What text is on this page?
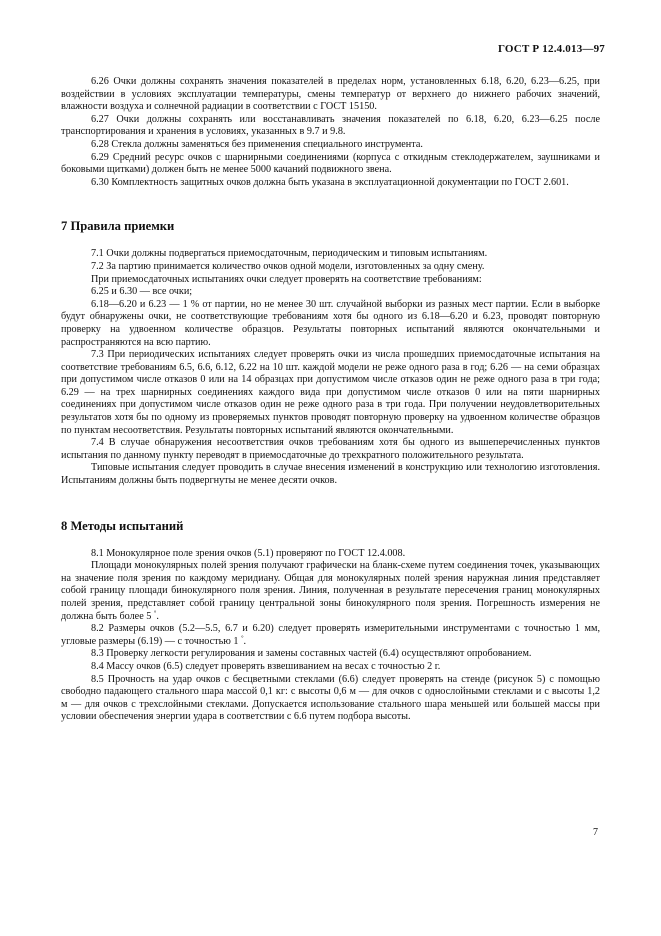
ГОСТ Р 12.4.013—97

6.26 Очки должны сохранять значения показателей в пределах норм, установленных 6.18, 6.20, 6.23—6.25, при воздействии в условиях эксплуатации температуры, смены температур от верхнего до нижнего рабочих значений, влажности воздуха и солнечной радиации в соответствии с ГОСТ 15150.

6.27 Очки должны сохранять или восстанавливать значения показателей по 6.18, 6.20, 6.23—6.25 после транспортирования и хранения в условиях, указанных в 9.7 и 9.8.

6.28 Стекла должны заменяться без применения специального инструмента.

6.29 Средний ресурс очков с шарнирными соединениями (корпуса с откидным стеклодержателем, заушниками и боковыми щитками) должен быть не менее 5000 качаний подвижного звена.

6.30 Комплектность защитных очков должна быть указана в эксплуатационной документации по ГОСТ 2.601.

7 Правила приемки

7.1 Очки должны подвергаться приемосдаточным, периодическим и типовым испытаниям.

7.2 За партию принимается количество очков одной модели, изготовленных за одну смену.

При приемосдаточных испытаниях очки следует проверять на соответствие требованиям:

6.25 и 6.30 — все очки;

6.18—6.20 и 6.23 — 1 % от партии, но не менее 30 шт. случайной выборки из разных мест партии. Если в выборке будут обнаружены очки, не соответствующие требованиям хотя бы одного из 6.18—6.20 и 6.23, проводят повторную проверку на удвоенном количестве образцов. Результаты повторных испытаний являются окончательными и распространяются на всю партию.

7.3 При периодических испытаниях следует проверять очки из числа прошедших приемосдаточные испытания на соответствие требованиям 6.5, 6.6, 6.12, 6.22 на 10 шт. каждой модели не реже одного раза в год; 6.26 — на семи образцах при допустимом числе отказов 0 или на 14 образцах при допустимом числе отказов один не реже одного раза в три года; 6.29 — на трех шарнирных соединениях каждого вида при допустимом числе отказов 0 или на пяти шарнирных соединениях при допустимом числе отказов один не реже одного раза в три года. При получении неудовлетворительных результатов хотя бы по одному из проверяемых пунктов проводят повторную проверку на удвоенном количестве образцов по пунктам несоответствия. Результаты повторных испытаний являются окончательными.

7.4 В случае обнаружения несоответствия очков требованиям хотя бы одного из вышеперечисленных пунктов испытания по данному пункту переводят в приемосдаточные до трехкратного положительного результата.

Типовые испытания следует проводить в случае внесения изменений в конструкцию или технологию изготовления. Испытаниям должны быть подвергнуты не менее десяти очков.

8 Методы испытаний

8.1 Монокулярное поле зрения очков (5.1) проверяют по ГОСТ 12.4.008.

Площади монокулярных полей зрения получают графически на бланк-схеме путем соединения точек, указывающих на значение поля зрения по каждому меридиану. Общая для монокулярных полей зрения наружная линия представляет собой границу площади бинокулярного поля зрения. Линия, полученная в результате пересечения границ монокулярных полей зрения, представляет собой границу центральной зоны бинокулярного поля зрения. Погрешность измерения не должна быть более 5 °.

8.2 Размеры очков (5.2—5.5, 6.7 и 6.20) следует проверять измерительными инструментами с точностью 1 мм, угловые размеры (6.19) — с точностью 1 °.

8.3 Проверку легкости регулирования и замены составных частей (6.4) осуществляют опробованием.

8.4 Массу очков (6.5) следует проверять взвешиванием на весах с точностью 2 г.

8.5 Прочность на удар очков с бесцветными стеклами (6.6) следует проверять на стенде (рисунок 5) с помощью свободно падающего стального шара массой 0,1 кг: с высоты 0,6 м — для очков с однослойными стеклами и с высоты 1,2 м — для очков с трехслойными стеклами. Допускается использование стального шара меньшей или большей массы при условии обеспечения энергии удара в соответствии с 6.6 путем подбора высоты.

7
